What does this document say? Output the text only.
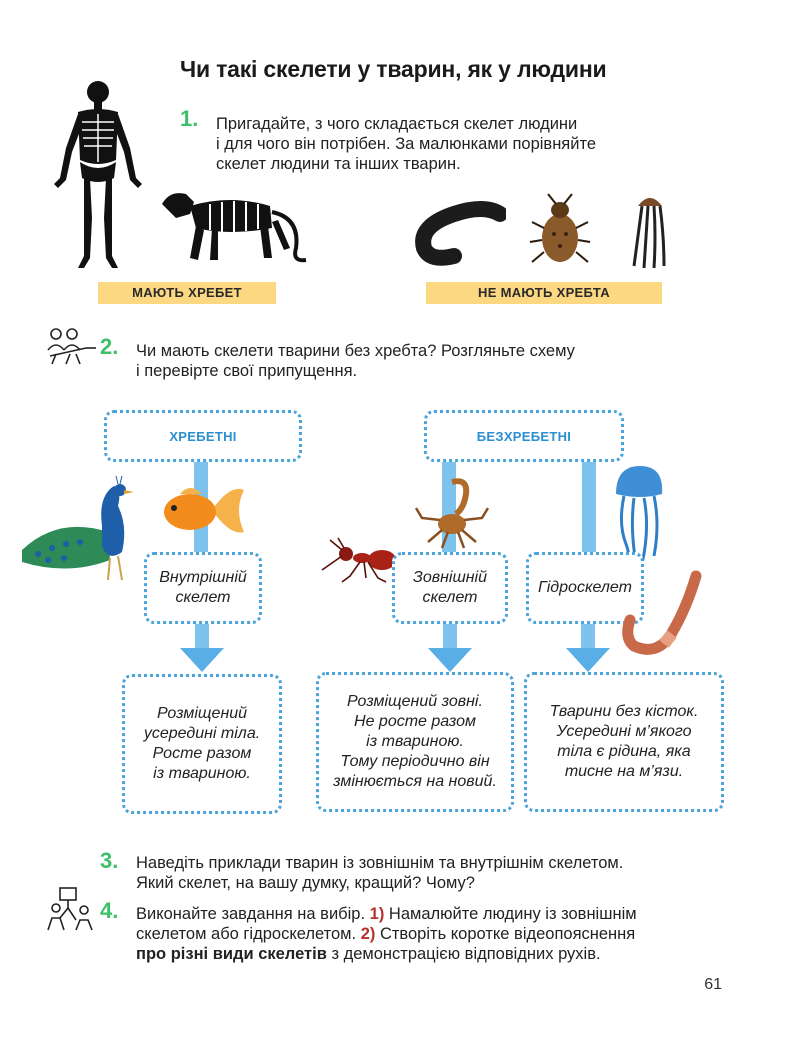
Чи такі скелети у тварин, як у людини
1. Пригадайте, з чого складається скелет людини
і для чого він потрібен. За малюнками порівняйте
скелет людини та інших тварин.
МАЮТЬ ХРЕБЕТ	НЕ МАЮТЬ ХРЕБТА
2. Чи мають скелети тварини без хребта? Розгляньте схему
і перевірте свої припущення.
ХРЕБЕТНІ	БЕЗХРЕБЕТНІ
Внутрішній
скелет
Зовнішній
скелет
Гідроскелет
Розміщений
усередині тіла.
Росте разом
із твариною.
Розміщений зовні.
Не росте разом
із твариною.
Тому періодично він
змінюється на новий.
Тварини без кісток.
Усередині м’якого
тіла є рідина, яка
тисне на м’язи.
3. Наведіть приклади тварин із зовнішнім та внутрішнім скелетом.
Який скелет, на вашу думку, кращий? Чому?
4. Виконайте завдання на вибір. 1) Намалюйте людину із зовнішнім
скелетом або гідроскелетом. 2) Створіть коротке відеопояснення
про різні види скелетів з демонстрацією відповідних рухів.
61
